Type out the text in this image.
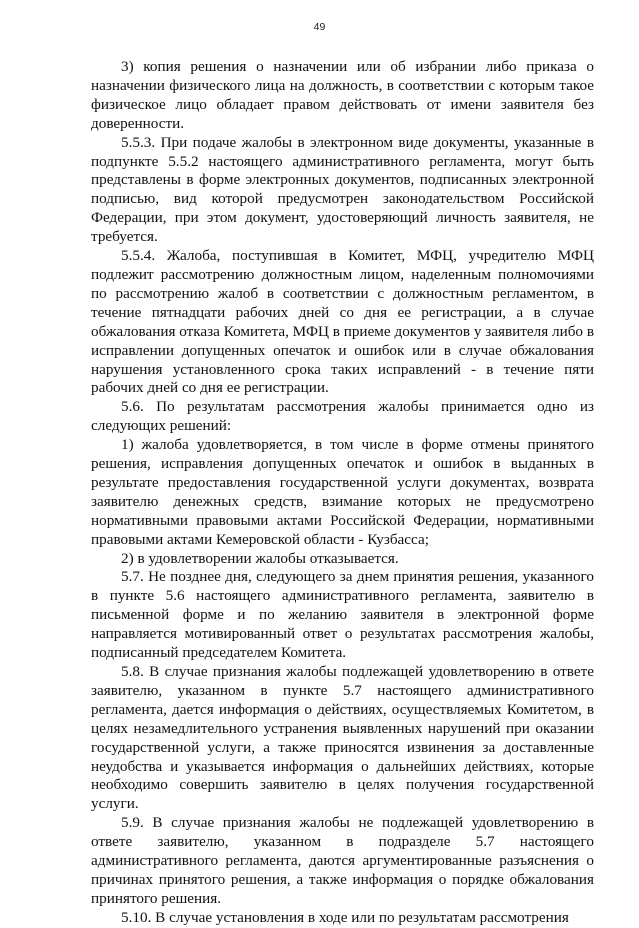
49

3) копия решения о назначении или об избрании либо приказа о назначении физического лица на должность, в соответствии с которым такое физическое лицо обладает правом действовать от имени заявителя без доверенности.

5.5.3. При подаче жалобы в электронном виде документы, указанные в подпункте 5.5.2 настоящего административного регламента, могут быть представлены в форме электронных документов, подписанных электронной подписью, вид которой предусмотрен законодательством Российской Федерации, при этом документ, удостоверяющий личность заявителя, не требуется.

5.5.4. Жалоба, поступившая в Комитет, МФЦ, учредителю МФЦ подлежит рассмотрению должностным лицом, наделенным полномочиями по рассмотрению жалоб в соответствии с должностным регламентом, в течение пятнадцати рабочих дней со дня ее регистрации, а в случае обжалования отказа Комитета, МФЦ в приеме документов у заявителя либо в исправлении допущенных опечаток и ошибок или в случае обжалования нарушения установленного срока таких исправлений - в течение пяти рабочих дней со дня ее регистрации.

5.6. По результатам рассмотрения жалобы принимается одно из следующих решений:

1) жалоба удовлетворяется, в том числе в форме отмены принятого решения, исправления допущенных опечаток и ошибок в выданных в результате предоставления государственной услуги документах, возврата заявителю денежных средств, взимание которых не предусмотрено нормативными правовыми актами Российской Федерации, нормативными правовыми актами Кемеровской области - Кузбасса;

2) в удовлетворении жалобы отказывается.

5.7. Не позднее дня, следующего за днем принятия решения, указанного в пункте 5.6 настоящего административного регламента, заявителю в письменной форме и по желанию заявителя в электронной форме направляется мотивированный ответ о результатах рассмотрения жалобы, подписанный председателем Комитета.

5.8. В случае признания жалобы подлежащей удовлетворению в ответе заявителю, указанном в пункте 5.7 настоящего административного регламента, дается информация о действиях, осуществляемых Комитетом, в целях незамедлительного устранения выявленных нарушений при оказании государственной услуги, а также приносятся извинения за доставленные неудобства и указывается информация о дальнейших действиях, которые необходимо совершить заявителю в целях получения государственной услуги.

5.9. В случае признания жалобы не подлежащей удовлетворению в ответе заявителю, указанном в подразделе 5.7 настоящего административного регламента, даются аргументированные разъяснения о причинах принятого решения, а также информация о порядке обжалования принятого решения.

5.10. В случае установления в ходе или по результатам рассмотрения
